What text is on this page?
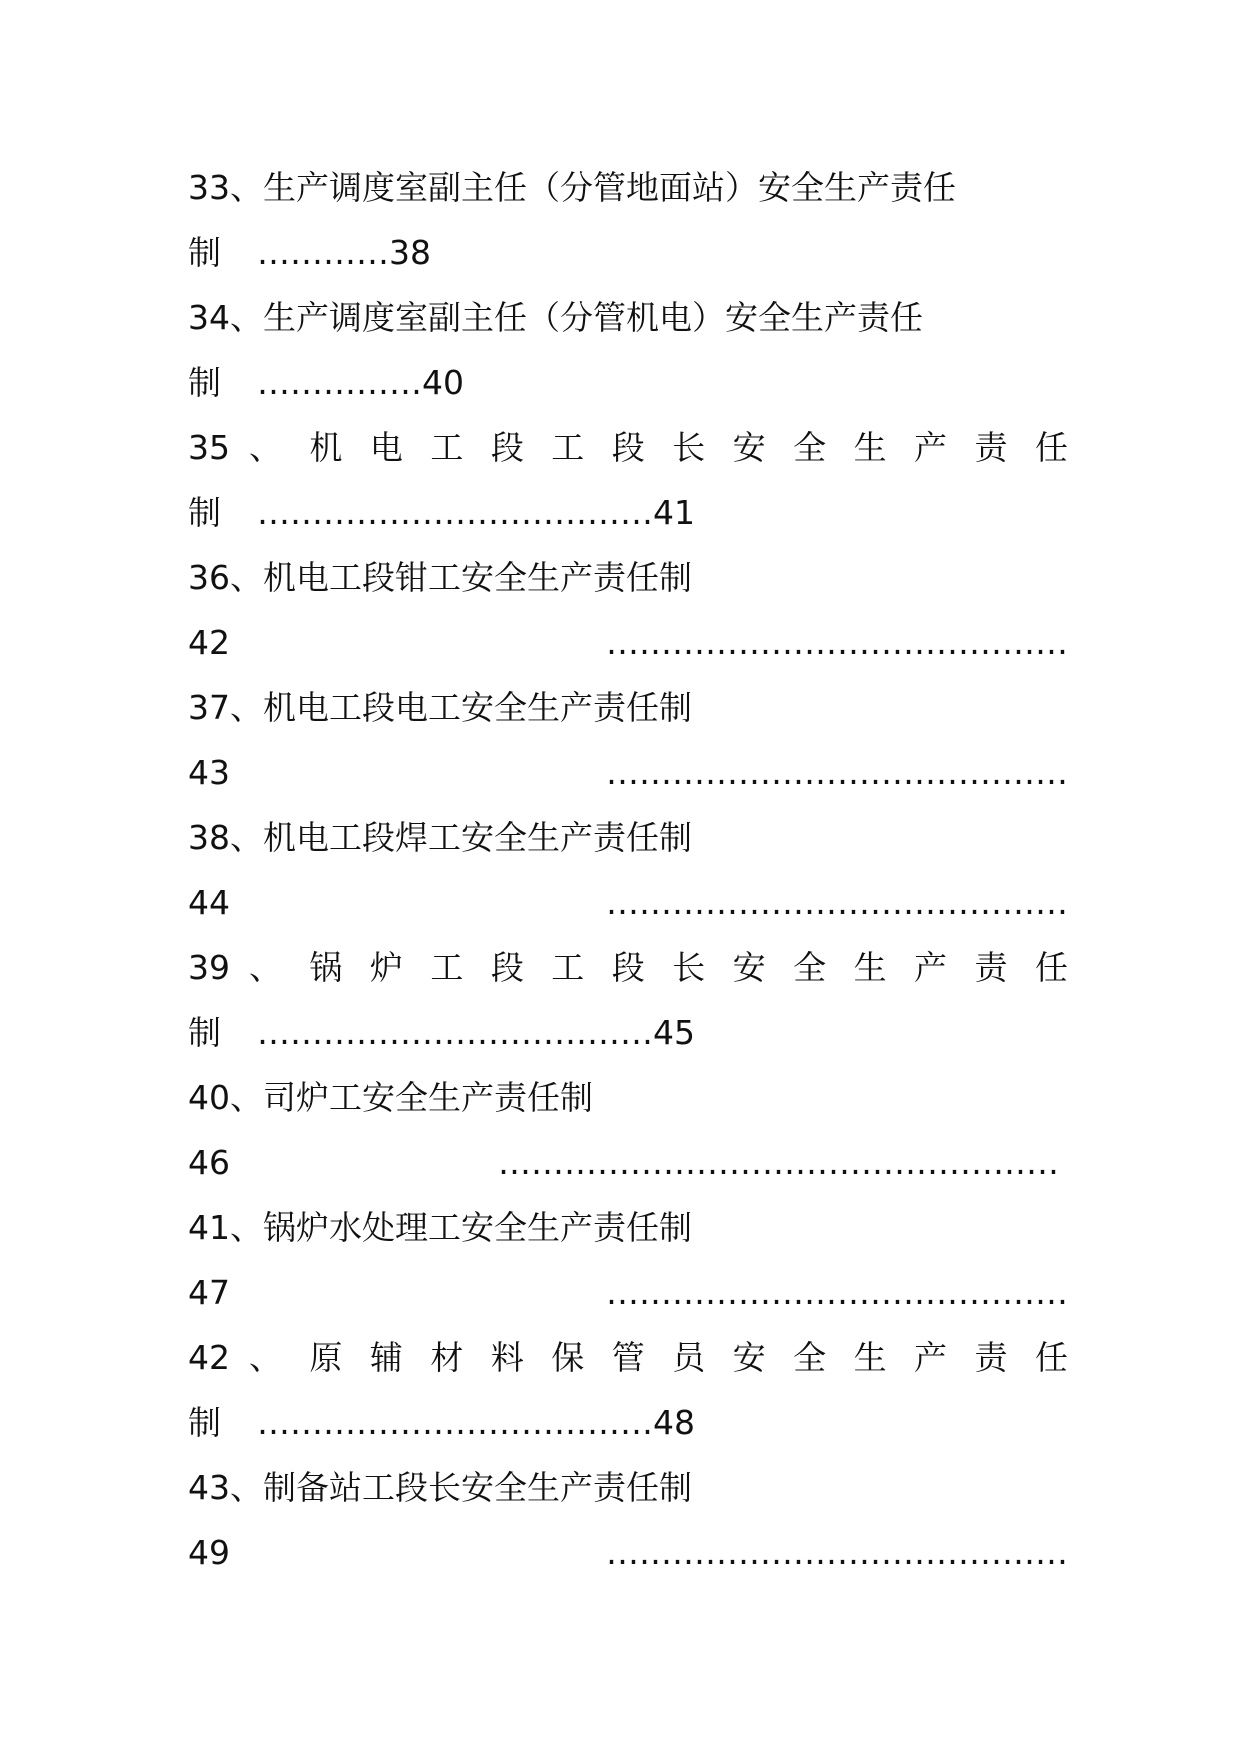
33、生产调度室副主任（分管地面站）安全生产责任
制 …………38
34、生产调度室副主任（分管机电）安全生产责任
制 ……………40
35 、 机 电 工 段 工 段 长 安 全 生 产 责 任
制 ………………………………41
36、机电工段钳工安全生产责任制
……………………………………
42
37、机电工段电工安全生产责任制
……………………………………
43
38、机电工段焊工安全生产责任制
……………………………………
44
39 、 锅 炉 工 段 工 段 长 安 全 生 产 责 任
制 ………………………………45
40、司炉工安全生产责任制
……………………………………………
46
41、锅炉水处理工安全生产责任制
……………………………………
47
42 、 原 辅 材 料 保 管 员 安 全 生 产 责 任
制 ………………………………48
43、制备站工段长安全生产责任制
……………………………………
49
